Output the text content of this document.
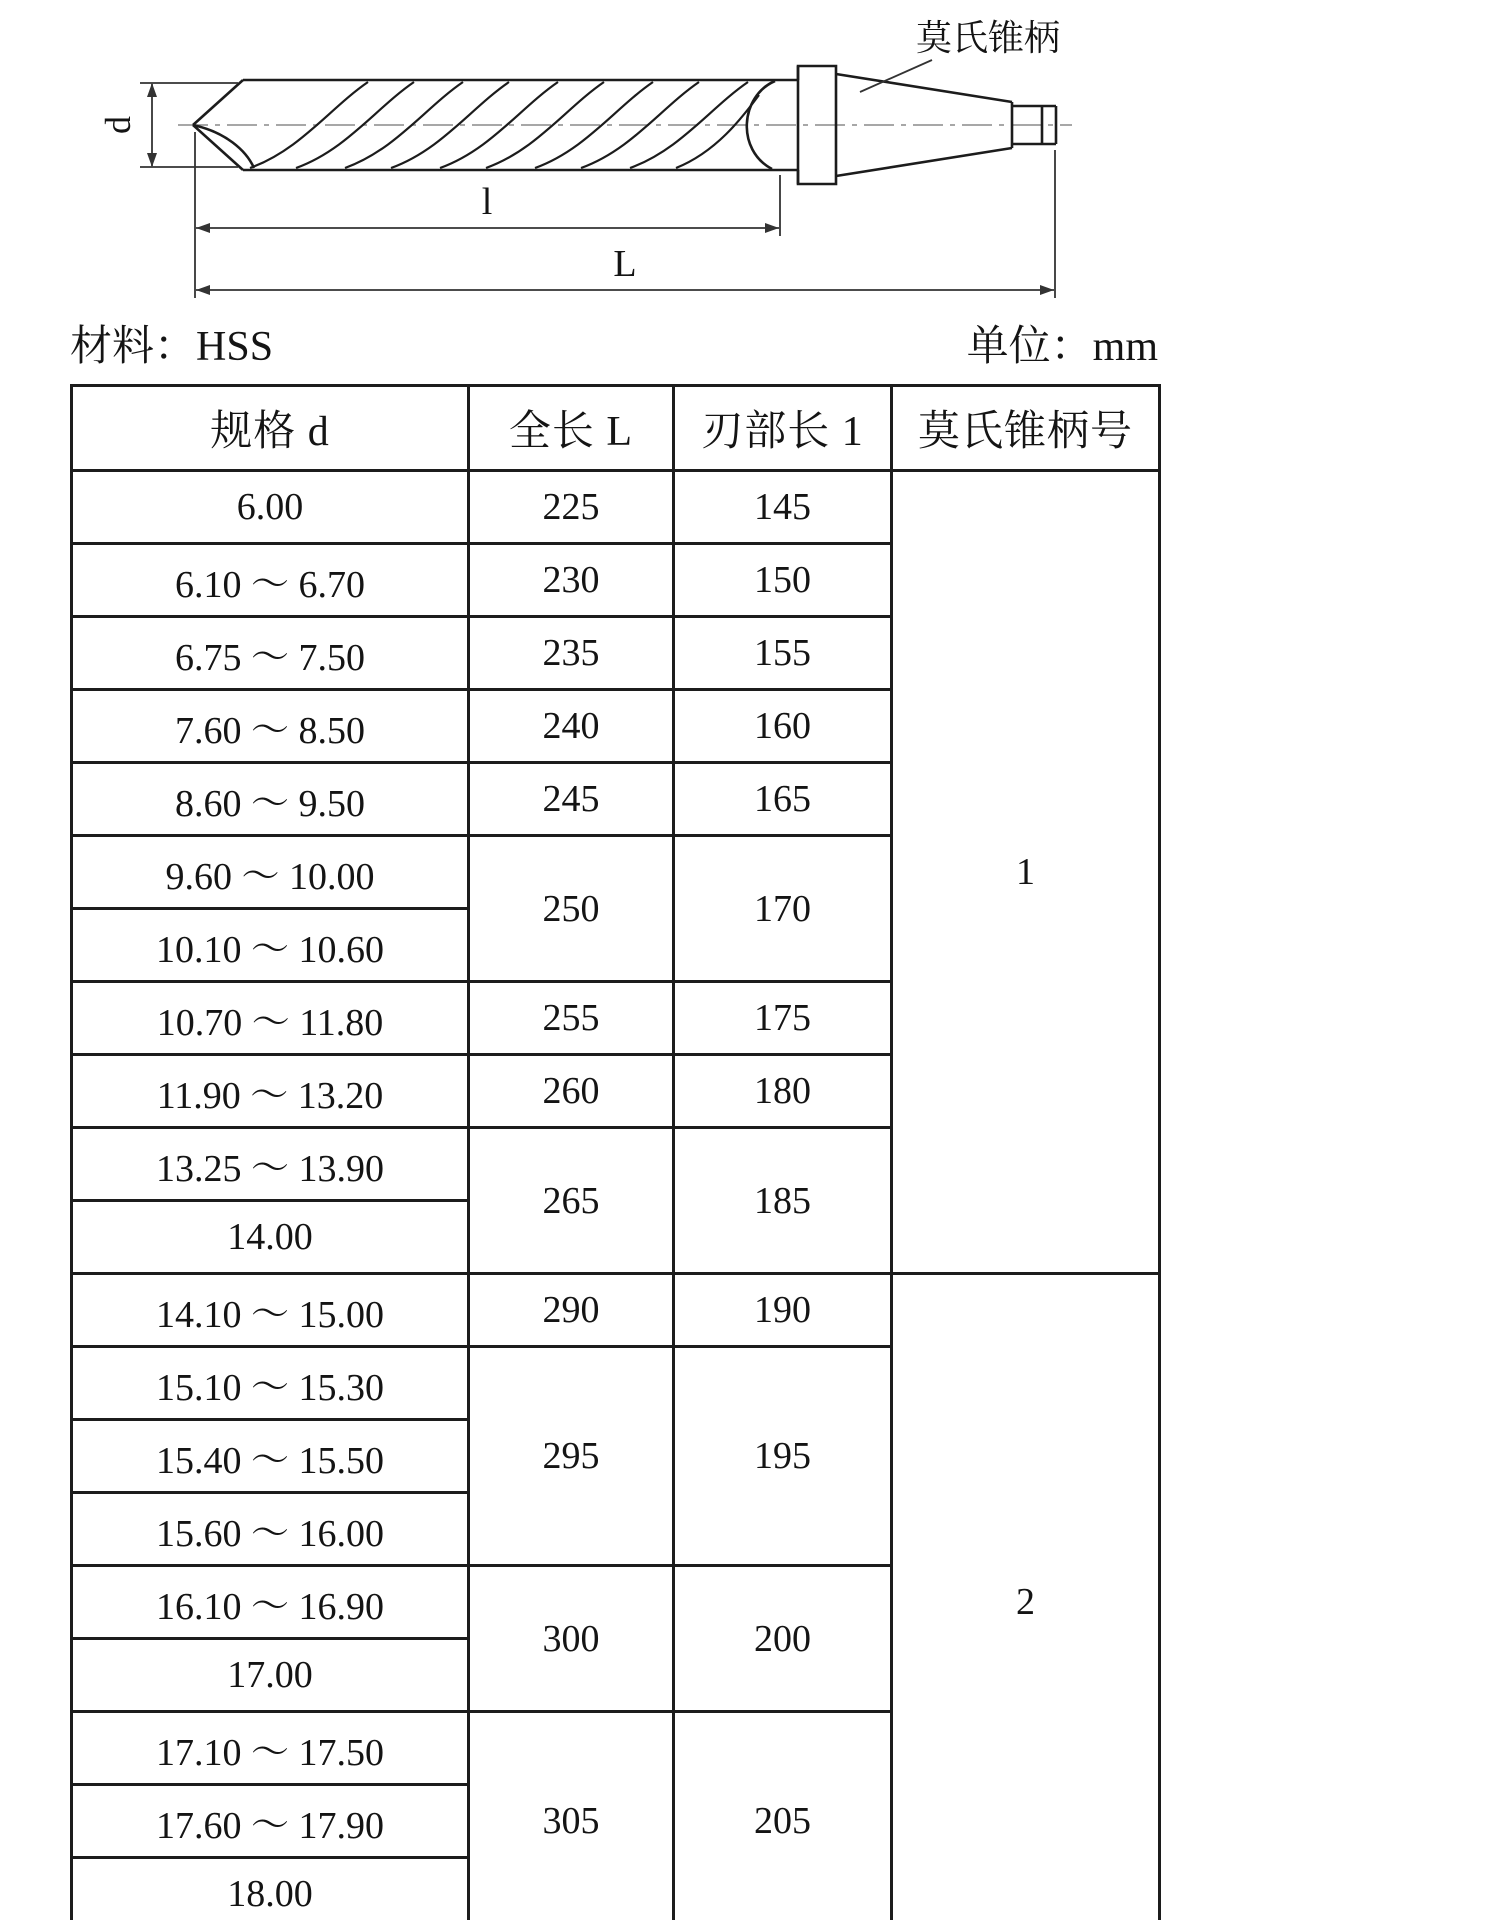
d
l
L
莫氏锥柄
材料：HSS	单位：mm
规格 d	全长 L	刃部长 1	莫氏锥柄号
6.00	225	145	1
6.10 ～ 6.70	230	150	
6.75 ～ 7.50	235	155	
7.60 ～ 8.50	240	160	
8.60 ～ 9.50	245	165	
9.60 ～ 10.00	250	170	
10.10 ～ 10.60			
10.70 ～ 11.80	255	175	
11.90 ～ 13.20	260	180	
13.25 ～ 13.90	265	185	
14.00			
14.10 ～ 15.00	290	190	2
15.10 ～ 15.30	295	195	
15.40 ～ 15.50			
15.60 ～ 16.00			
16.10 ～ 16.90	300	200	
17.00			
17.10 ～ 17.50	305	205	
17.60 ～ 17.90			
18.00			
